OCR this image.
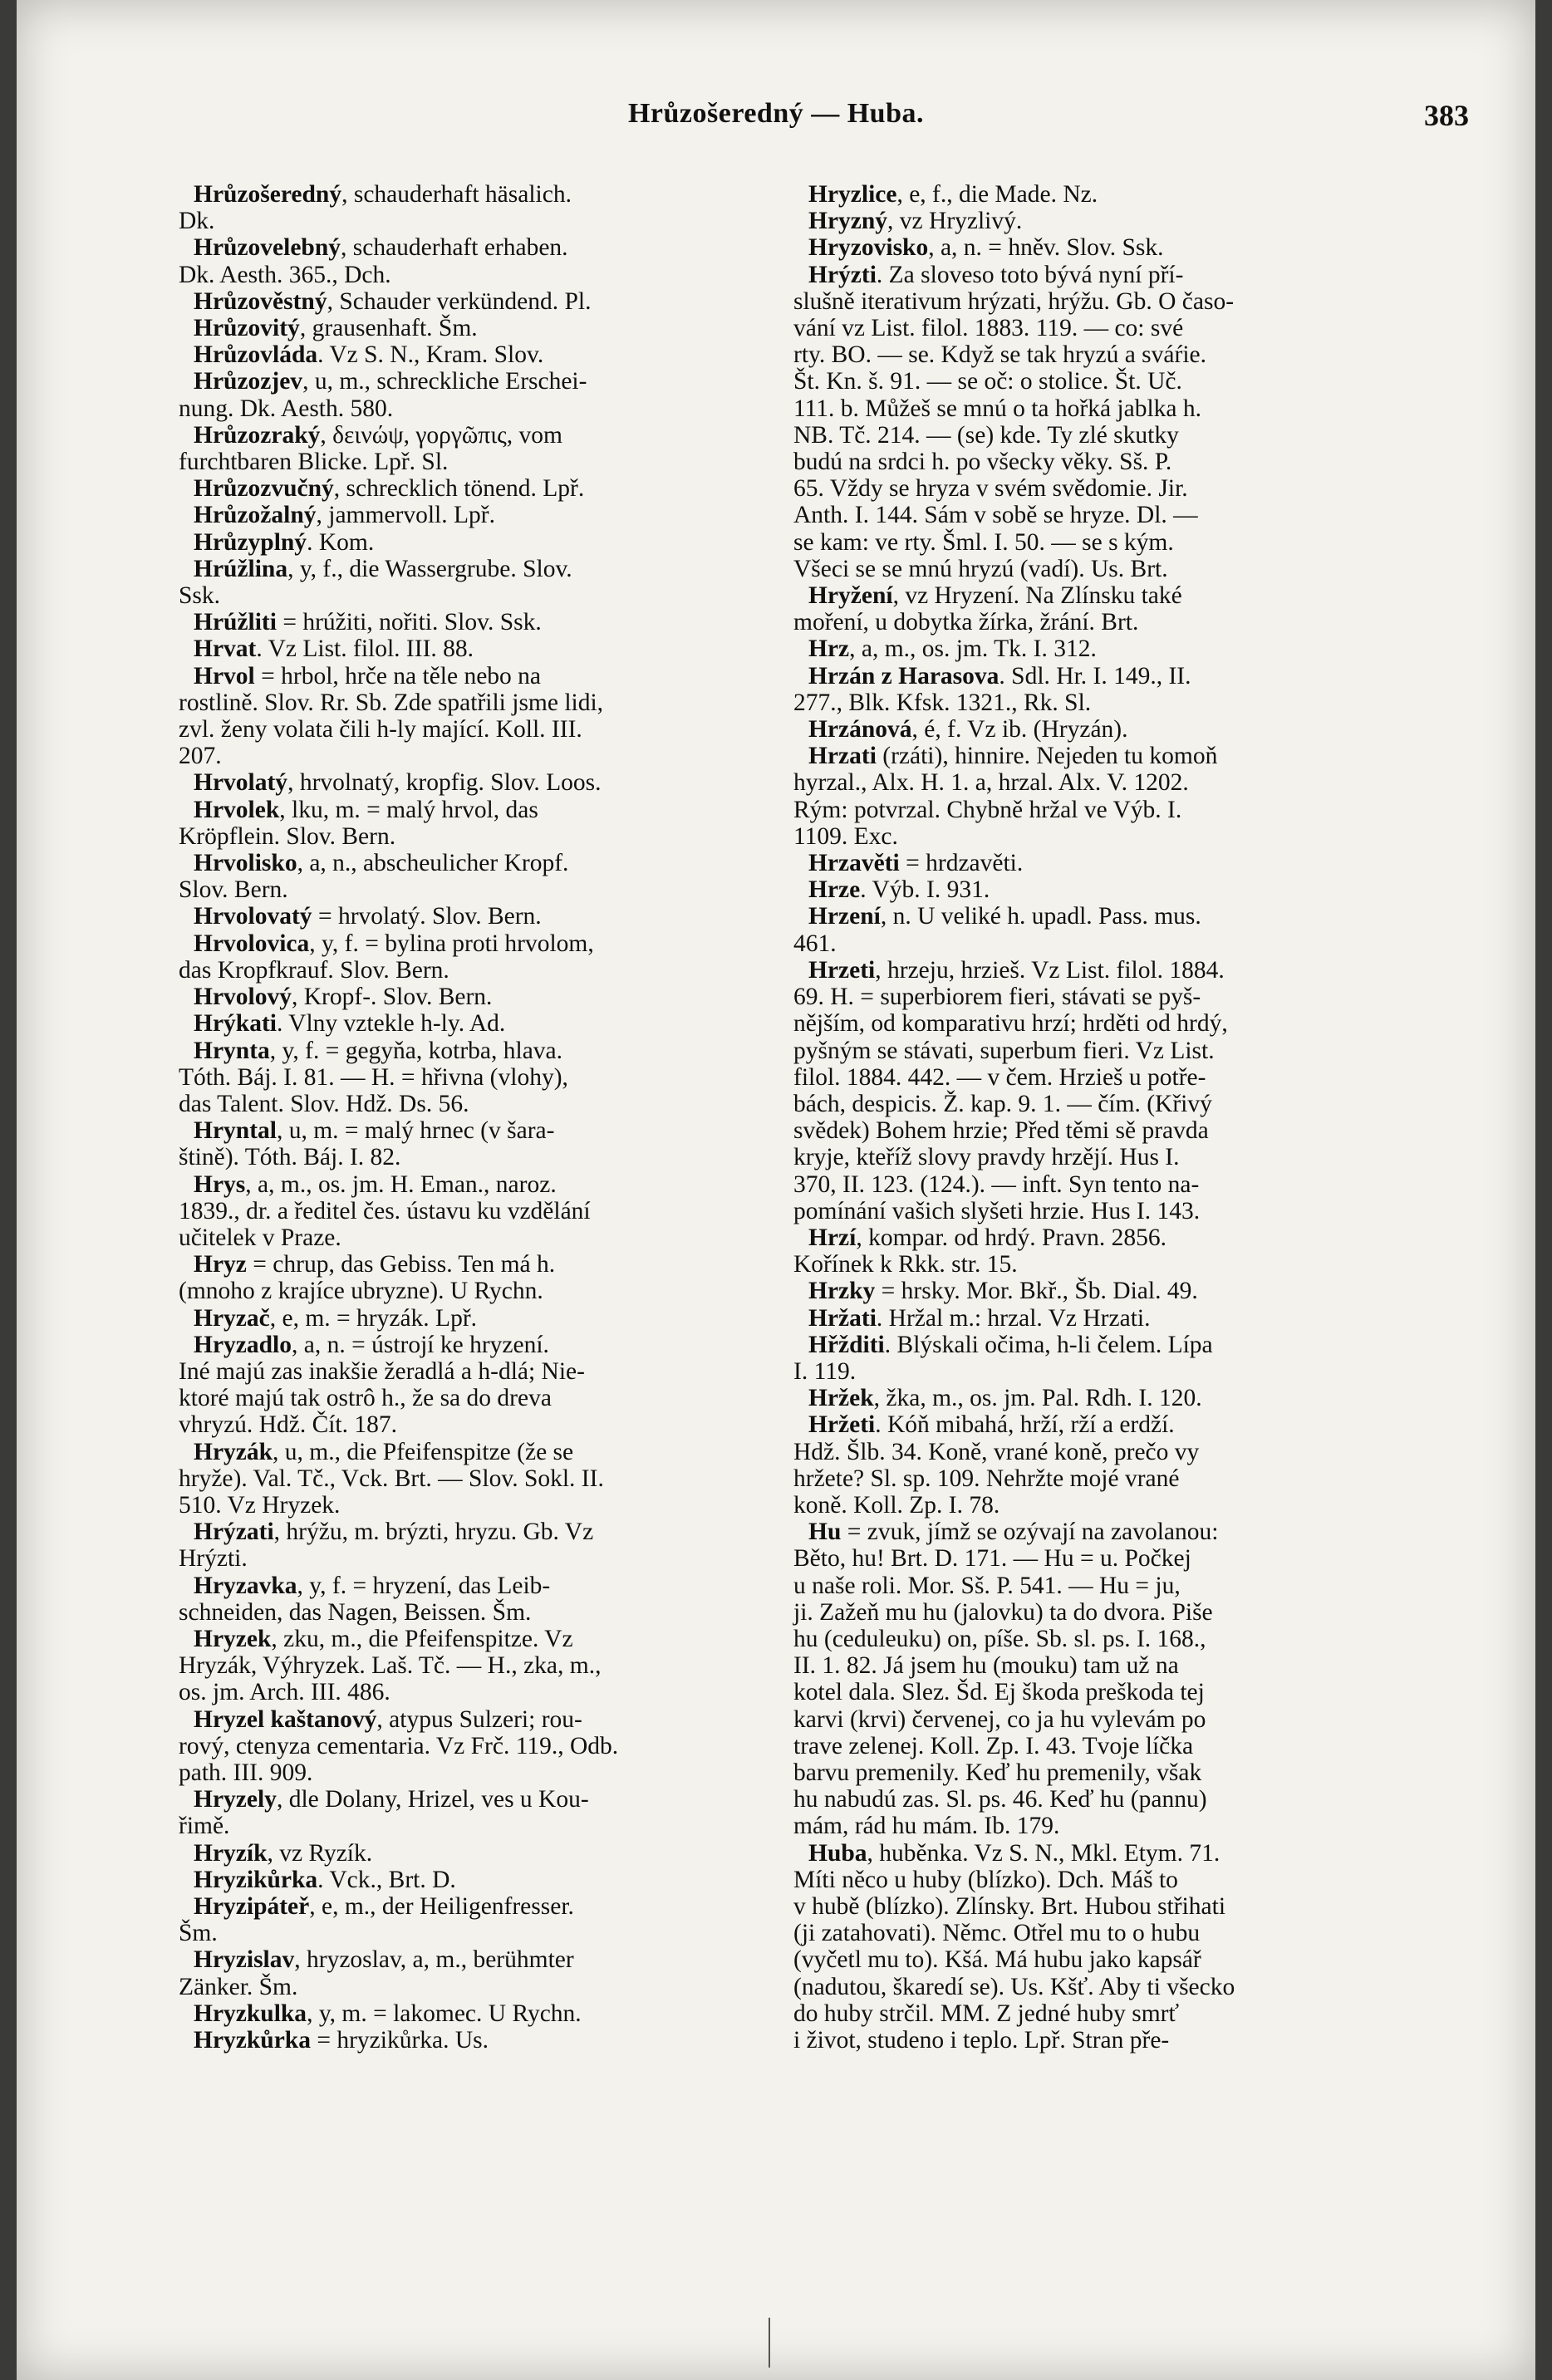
Hrůzošeredný — Huba.	383
Hrůzošeredný, schauderhaft häsalich.
Dk.
Hrůzovelebný, schauderhaft erhaben.
Dk. Aesth. 365., Dch.
Hrůzověstný, Schauder verkündend. Pl.
Hrůzovitý, grausenhaft. Šm.
Hrůzovláda. Vz S. N., Kram. Slov.
Hrůzozjev, u, m., schreckliche Erschei-
nung. Dk. Aesth. 580.
Hrůzozraký, δεινώψ, γοργῶπις, vom
furchtbaren Blicke. Lpř. Sl.
Hrůzozvučný, schrecklich tönend. Lpř.
Hrůzožalný, jammervoll. Lpř.
Hrůzyplný. Kom.
Hrúžlina, y, f., die Wassergrube. Slov.
Ssk.
Hrúžliti = hrúžiti, nořiti. Slov. Ssk.
Hrvat. Vz List. filol. III. 88.
Hrvol = hrbol, hrče na těle nebo na
rostlině. Slov. Rr. Sb. Zde spatřili jsme lidi,
zvl. ženy volata čili h-ly mající. Koll. III.
207.
Hrvolatý, hrvolnatý, kropfig. Slov. Loos.
Hrvolek, lku, m. = malý hrvol, das
Kröpflein. Slov. Bern.
Hrvolisko, a, n., abscheulicher Kropf.
Slov. Bern.
Hrvolovatý = hrvolatý. Slov. Bern.
Hrvolovica, y, f. = bylina proti hrvolom,
das Kropfkrauf. Slov. Bern.
Hrvolový, Kropf-. Slov. Bern.
Hrýkati. Vlny vztekle h-ly. Ad.
Hrynta, y, f. = gegyňa, kotrba, hlava.
Tóth. Báj. I. 81. — H. = hřivna (vlohy),
das Talent. Slov. Hdž. Ds. 56.
Hryntal, u, m. = malý hrnec (v šara-
štině). Tóth. Báj. I. 82.
Hrys, a, m., os. jm. H. Eman., naroz.
1839., dr. a ředitel čes. ústavu ku vzdělání
učitelek v Praze.
Hryz = chrup, das Gebiss. Ten má h.
(mnoho z krajíce ubryzne). U Rychn.
Hryzač, e, m. = hryzák. Lpř.
Hryzadlo, a, n. = ústrojí ke hryzení.
Iné majú zas inakšie žeradlá a h-dlá; Nie-
ktoré majú tak ostrô h., že sa do dreva
vhryzú. Hdž. Čít. 187.
Hryzák, u, m., die Pfeifenspitze (že se
hryže). Val. Tč., Vck. Brt. — Slov. Sokl. II.
510. Vz Hryzek.
Hrýzati, hrýžu, m. brýzti, hryzu. Gb. Vz
Hrýzti.
Hryzavka, y, f. = hryzení, das Leib-
schneiden, das Nagen, Beissen. Šm.
Hryzek, zku, m., die Pfeifenspitze. Vz
Hryzák, Výhryzek. Laš. Tč. — H., zka, m.,
os. jm. Arch. III. 486.
Hryzel kaštanový, atypus Sulzeri; rou-
rový, ctenyza cementaria. Vz Frč. 119., Odb.
path. III. 909.
Hryzely, dle Dolany, Hrizel, ves u Kou-
řimě.
Hryzík, vz Ryzík.
Hryzikůrka. Vck., Brt. D.
Hryzipáteř, e, m., der Heiligenfresser.
Šm.
Hryzislav, hryzoslav, a, m., berühmter
Zänker. Šm.
Hryzkulka, y, m. = lakomec. U Rychn.
Hryzkůrka = hryzikůrka. Us.
Hryzlice, e, f., die Made. Nz.
Hryzný, vz Hryzlivý.
Hryzovisko, a, n. = hněv. Slov. Ssk.
Hrýzti. Za sloveso toto bývá nyní pří-
slušně iterativum hrýzati, hrýžu. Gb. O časo-
vání vz List. filol. 1883. 119. — co: své
rty. BO. — se. Když se tak hryzú a sváŕie.
Št. Kn. š. 91. — se oč: o stolice. Št. Uč.
111. b. Můžeš se mnú o ta hořká jablka h.
NB. Tč. 214. — (se) kde. Ty zlé skutky
budú na srdci h. po všecky věky. Sš. P.
65. Vždy se hryza v svém svědomie. Jir.
Anth. I. 144. Sám v sobě se hryze. Dl. —
se kam: ve rty. Šml. I. 50. — se s kým.
Všeci se se mnú hryzú (vadí). Us. Brt.
Hryžení, vz Hryzení. Na Zlínsku také
moření, u dobytka žírka, žrání. Brt.
Hrz, a, m., os. jm. Tk. I. 312.
Hrzán z Harasova. Sdl. Hr. I. 149., II.
277., Blk. Kfsk. 1321., Rk. Sl.
Hrzánová, é, f. Vz ib. (Hryzán).
Hrzati (rzáti), hinnire. Nejeden tu komoň
hyrzal., Alx. H. 1. a, hrzal. Alx. V. 1202.
Rým: potvrzal. Chybně hržal ve Výb. I.
1109. Exc.
Hrzavěti = hrdzavěti.
Hrze. Výb. I. 931.
Hrzení, n. U veliké h. upadl. Pass. mus.
461.
Hrzeti, hrzeju, hrzieš. Vz List. filol. 1884.
69. H. = superbiorem fieri, stávati se pyš-
nějším, od komparativu hrzí; hrděti od hrdý,
pyšným se stávati, superbum fieri. Vz List.
filol. 1884. 442. — v čem. Hrzieš u potře-
bách, despicis. Ž. kap. 9. 1. — čím. (Křivý
svědek) Bohem hrzie; Před těmi sě pravda
kryje, kteříž slovy pravdy hrzějí. Hus I.
370, II. 123. (124.). — inft. Syn tento na-
pomínání vašich slyšeti hrzie. Hus I. 143.
Hrzí, kompar. od hrdý. Pravn. 2856.
Kořínek k Rkk. str. 15.
Hrzky = hrsky. Mor. Bkř., Šb. Dial. 49.
Hržati. Hržal m.: hrzal. Vz Hrzati.
Hřžditi. Blýskali očima, h-li čelem. Lípa
I. 119.
Hržek, žka, m., os. jm. Pal. Rdh. I. 120.
Hržeti. Kóň mibahá, hrží, rží a erdží.
Hdž. Šlb. 34. Koně, vrané koně, prečo vy
hržete? Sl. sp. 109. Nehržte mojé vrané
koně. Koll. Zp. I. 78.
Hu = zvuk, jímž se ozývají na zavolanou:
Běto, hu! Brt. D. 171. — Hu = u. Počkej
u naše roli. Mor. Sš. P. 541. — Hu = ju,
ji. Zažeň mu hu (jalovku) ta do dvora. Piše
hu (ceduleuku) on, píše. Sb. sl. ps. I. 168.,
II. 1. 82. Já jsem hu (mouku) tam už na
kotel dala. Slez. Šd. Ej škoda preškoda tej
karvi (krvi) červenej, co ja hu vylevám po
trave zelenej. Koll. Zp. I. 43. Tvoje líčka
barvu premenily. Keď hu premenily, však
hu nabudú zas. Sl. ps. 46. Keď hu (pannu)
mám, rád hu mám. Ib. 179.
Huba, huběnka. Vz S. N., Mkl. Etym. 71.
Míti něco u huby (blízko). Dch. Máš to
v hubě (blízko). Zlínsky. Brt. Hubou střihati
(ji zatahovati). Němc. Otřel mu to o hubu
(vyčetl mu to). Kšá. Má hubu jako kapsář
(nadutou, škaredí se). Us. Kšť. Aby ti všecko
do huby strčil. MM. Z jedné huby smrť
i život, studeno i teplo. Lpř. Stran pře-
